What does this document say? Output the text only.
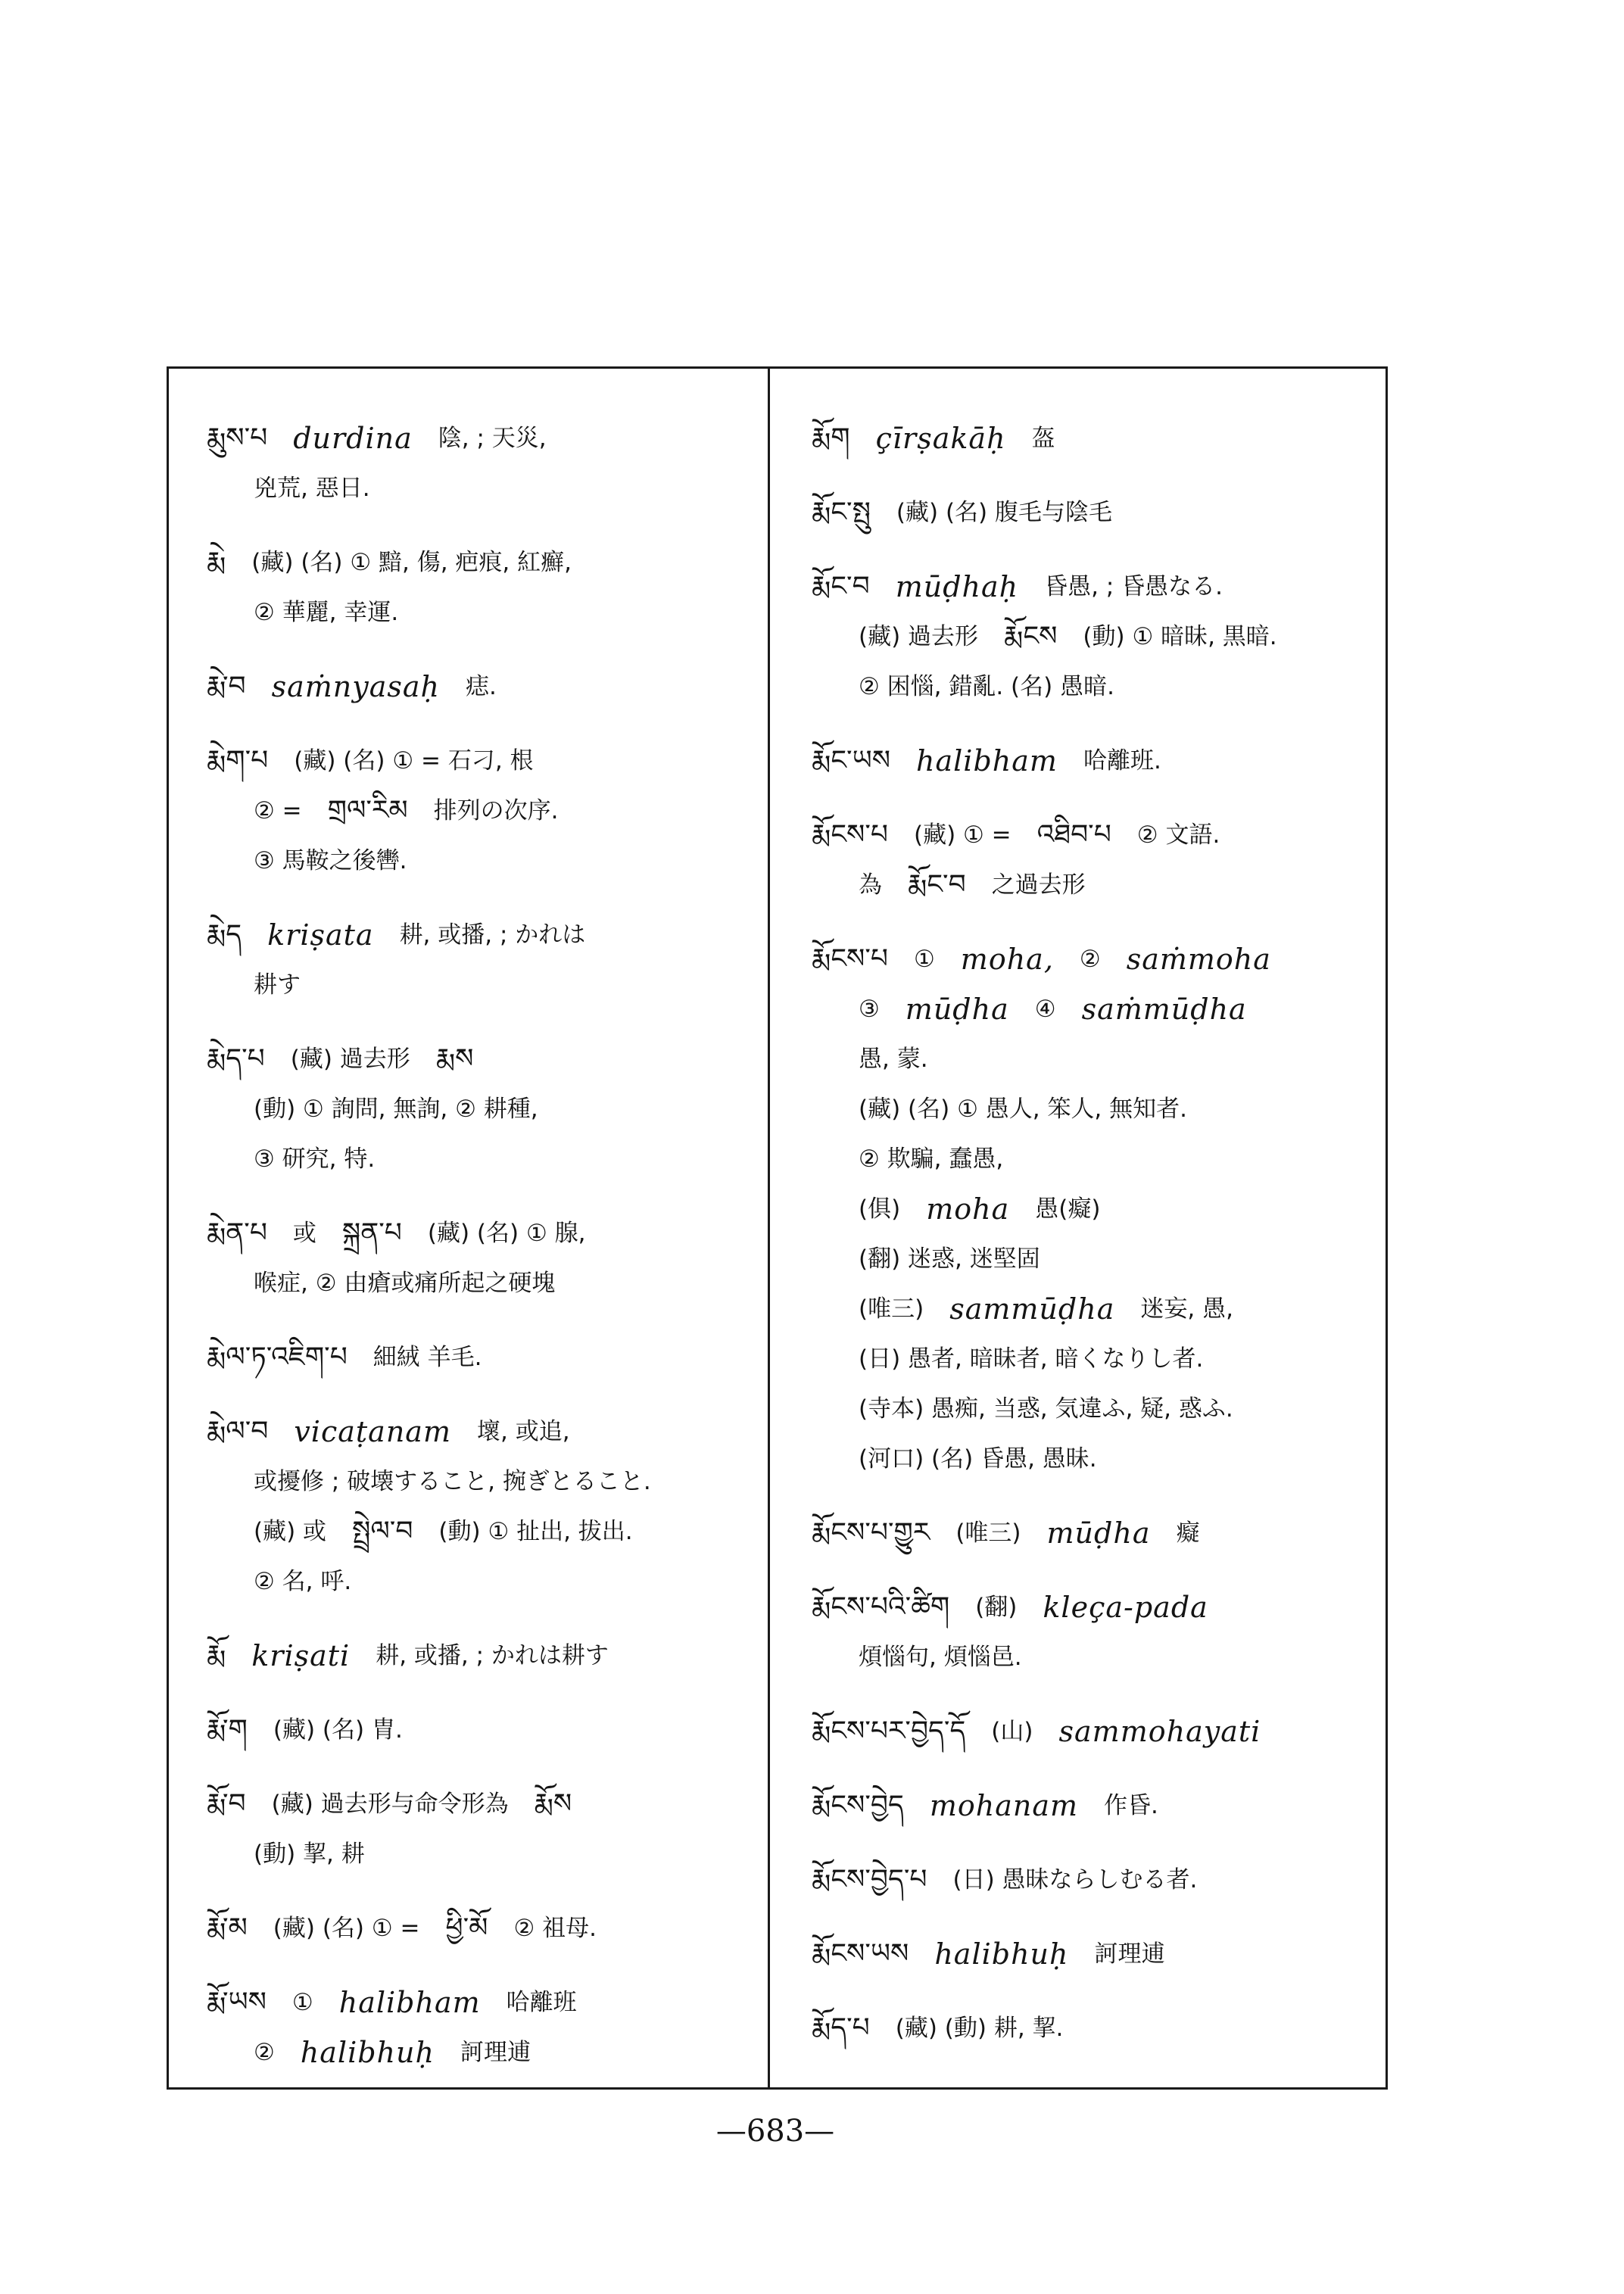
རྨུས་པ durdina 陰, ; 天災,
兇荒, 惡日.
རྨེ (藏) (名) ① 黯, 傷, 疤痕, 紅癬,
② 華麗, 幸運.
རྨེ་བ saṁnyasaḥ 痣.
རྨེག་པ (藏) (名) ① = 石刁, 根
② = གྲལ་རིམ 排列の次序.
③ 馬鞍之後轡.
རྨེད kriṣata 耕, 或播, ; かれは
耕す
རྨེད་པ (藏) 過去形 རྨས
(動) ① 詢問, 無詢, ② 耕種,
③ 研究, 特.
རྨེན་པ 或 སྐྲན་པ (藏) (名) ① 腺,
喉症, ② 由瘡或痛所起之硬塊
རྨེལ་ཏ་འཇིག་པ 細絨 羊毛.
རྨེལ་བ vicaṭanam 壞, 或追,
或擾修 ; 破壊すること, 捥ぎとること.
(藏) 或 སྤྲེལ་བ (動) ① 扯出, 拔出.
② 名, 呼.
རྨོ kriṣati 耕, 或播, ; かれは耕す
རྨོ་ག (藏) (名) 胄.
རྨོ་བ (藏) 過去形与命令形為 རྨོས
(動) 挈, 耕
རྨོ་མ (藏) (名) ① = ཕྱི་མོ ② 祖母.
རྨོ་ཡས ① halibham 哈離班
② halibhuḥ 訶理逋
རྨོག çīrṣakāḥ 盔
རྨོང་སྤུ (藏) (名) 腹毛与陰毛
རྨོང་བ mūḍhaḥ 昏愚, ; 昏愚なる.
(藏) 過去形 རྨོངས (動) ① 暗昧, 黒暗.
② 困惱, 錯亂. (名) 愚暗.
རྨོང་ཡས halibham 哈離班.
རྨོངས་པ (藏) ① = འཐིབ་པ ② 文語.
為 རྨོང་བ 之過去形
རྨོངས་པ ① moha, ② saṁmoha
③ mūḍha ④ saṁmūḍha
愚, 蒙.
(藏) (名) ① 愚人, 笨人, 無知者.
② 欺騙, 蠢愚,
(俱) moha 愚(癡)
(翻) 迷惑, 迷堅固
(唯三) sammūḍha 迷妄, 愚,
(日) 愚者, 暗昧者, 暗くなりし者.
(寺本) 愚痴, 当惑, 気違ふ, 疑, 惑ふ.
(河口) (名) 昏愚, 愚昧.
རྨོངས་པ་གྱུར (唯三) mūḍha 癡
རྨོངས་པའི་ཚིག (翻) kleça-pada
煩惱句, 煩惱邑.
རྨོངས་པར་བྱེད་དོ (山) sammohayati
རྨོངས་བྱེད mohanam 作昏.
རྨོངས་བྱེད་པ (日) 愚昧ならしむる者.
རྨོངས་ཡས halibhuḥ 訶理逋
རྨོད་པ (藏) (動) 耕, 挈.
—683—
